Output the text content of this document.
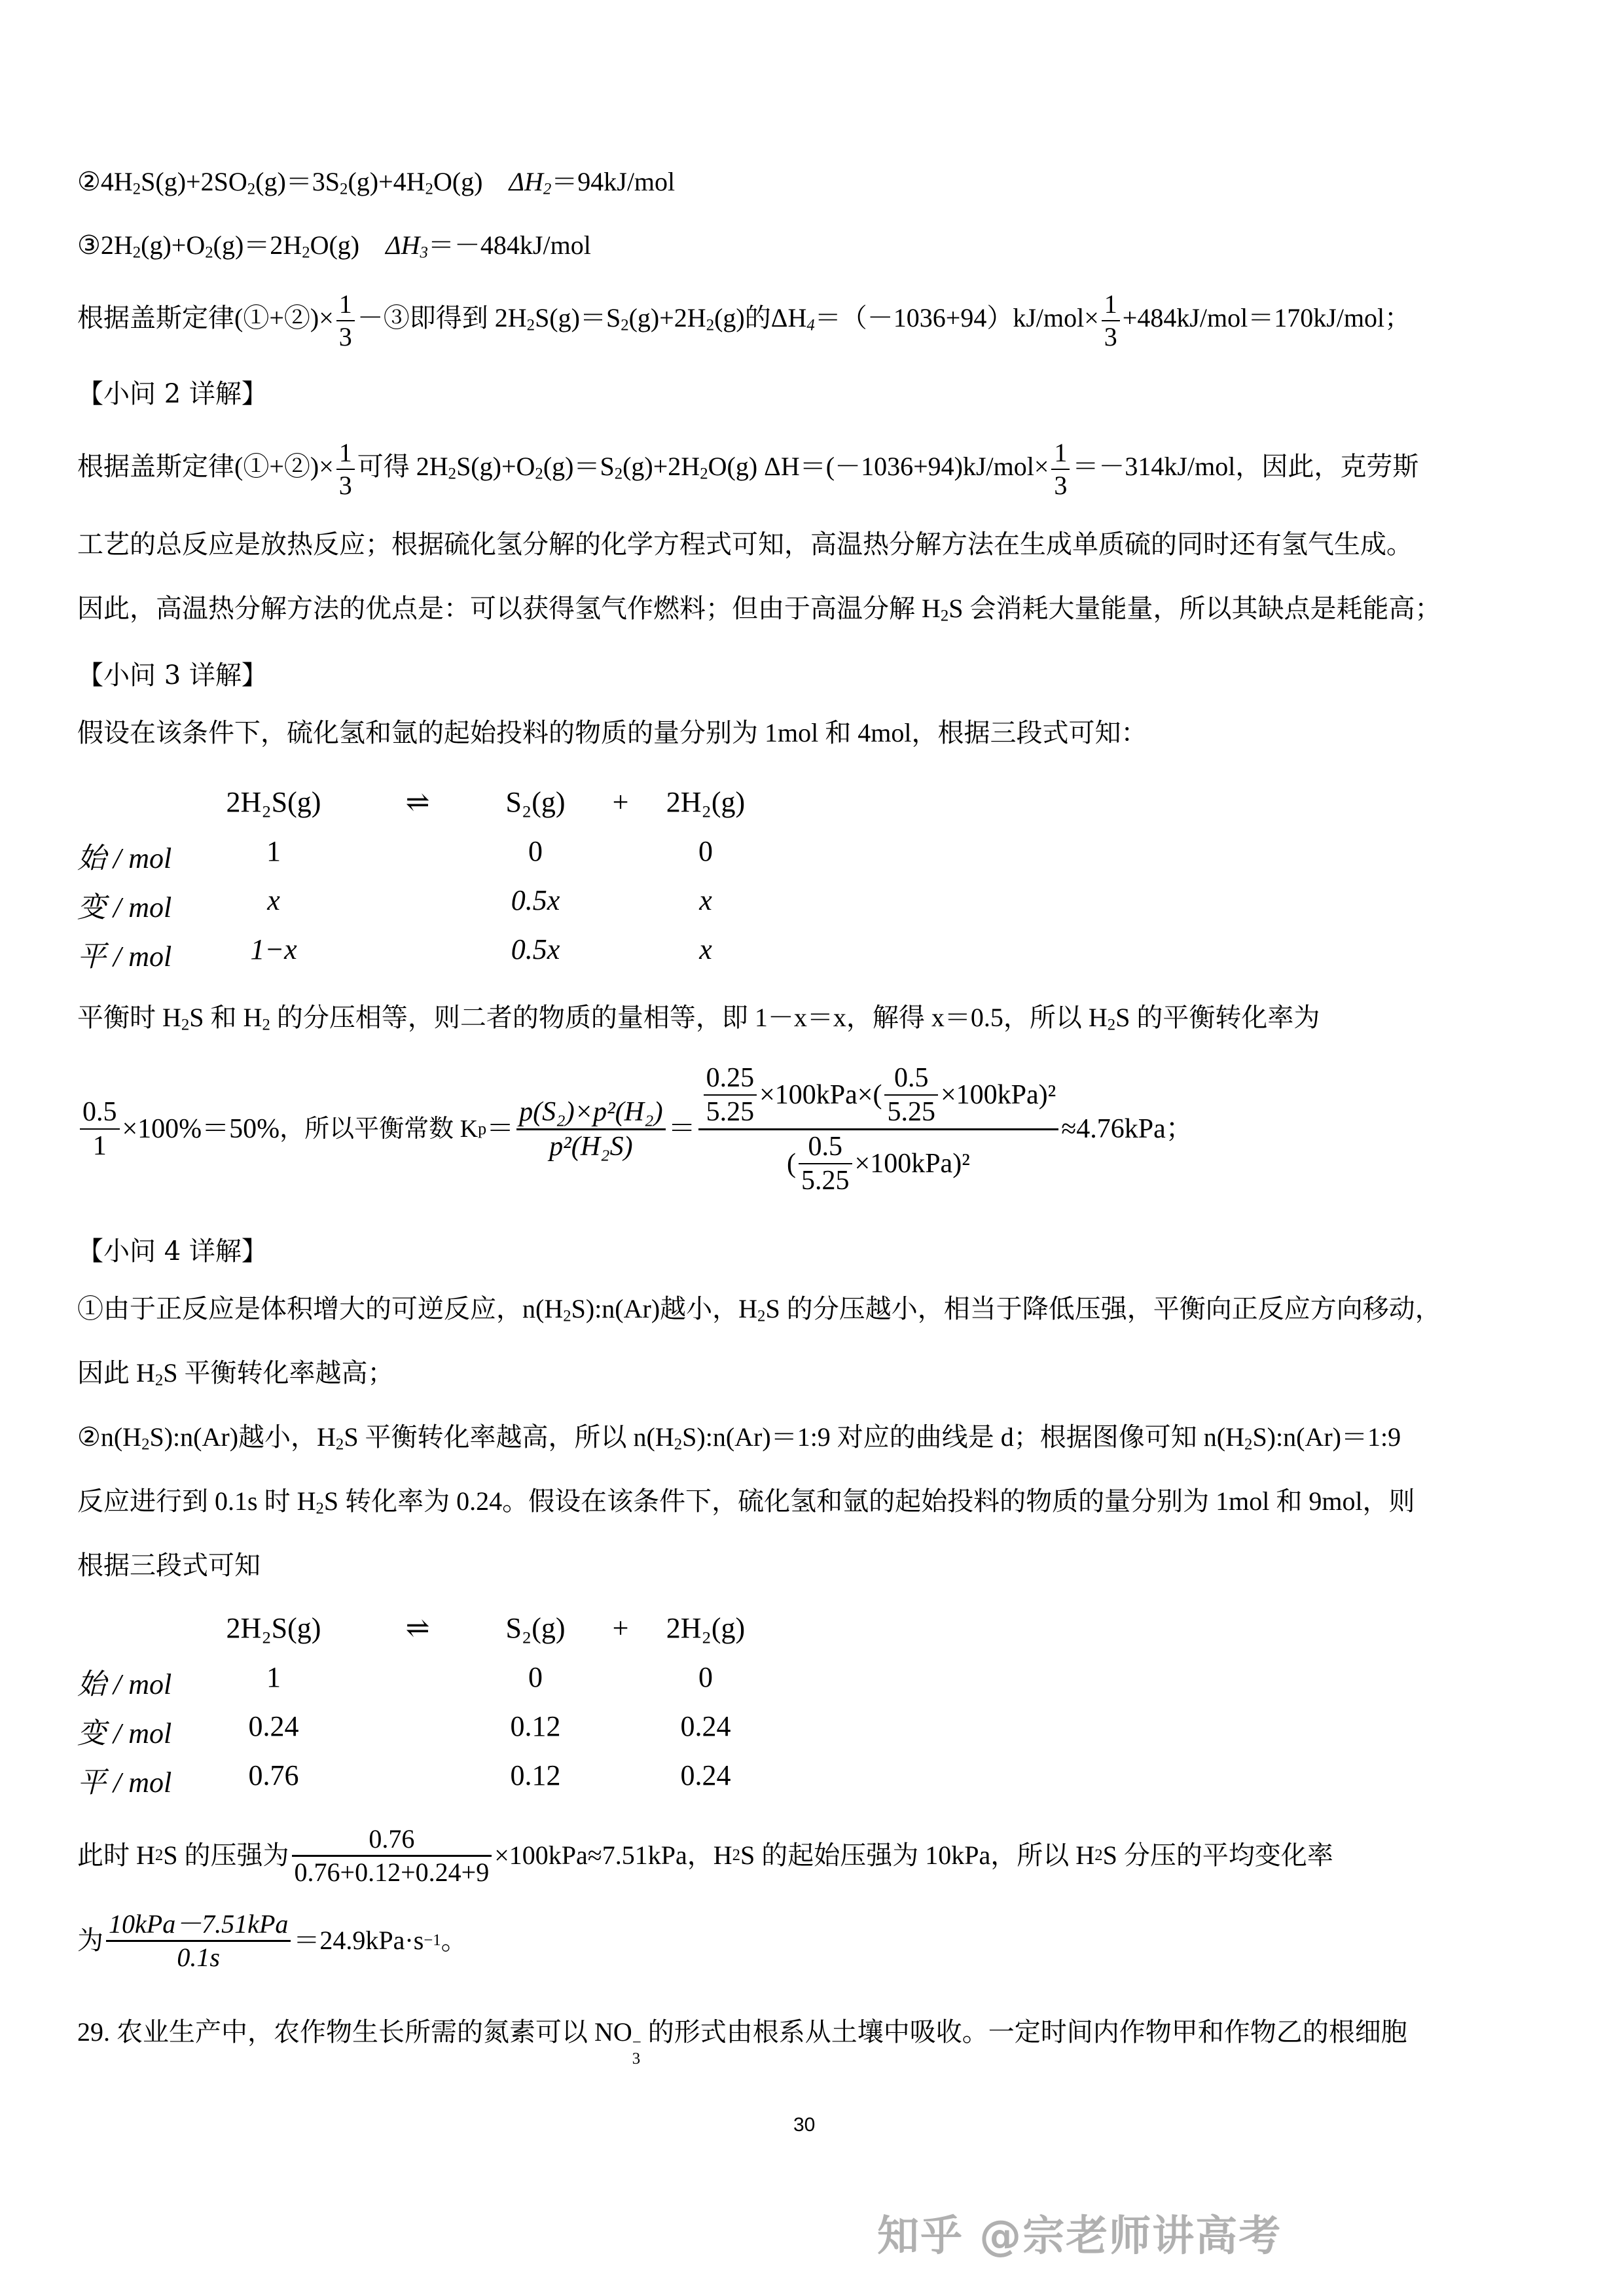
$②4H_2S(g)+2SO_2(g)=3S_2(g)+4H_2O(g)$ $\Delta H_2=94kJ$/mol
$③2H_2(g)+O_2(g)=2H_2O(g)$ $\Delta H_3=-484kJ$/mol
根据盖斯定律(①+②)× $\frac{1}{3}$ －③即得到 $2H_2S(g)=S_2(g)+2H_2(g)$的$\Delta H_4=(-1036+94)kJ/mol\times \frac{1}{3} +484kJ/mol=170kJ/mol$；
【小问 2 详解】
根据盖斯定律(①+②)× $\frac{1}{3}$ 可得 $2H_2S(g)+O_2(g)=S_2(g)+2H_2O(g)$ $\Delta H=(-1036+94)kJ/mol\times \frac{1}{3} =-314kJ/mol$，因此，克劳斯
工艺的总反应是放热反应；根据硫化氢分解的化学方程式可知，高温热分解方法在生成单质硫的同时还有氢气生成。
因此，高温热分解方法的优点是：可以获得氢气作燃料；但由于高温分解 $H_2S$ 会消耗大量能量，所以其缺点是耗能高；
【小问 3 详解】
假设在该条件下，硫化氢和氩的起始投料的物质的量分别为 1mol 和 4mol，根据三段式可知：
2H₂S(g)	⇌	S₂(g)	+	2H₂(g)
始 / mol	1	0	0
变 / mol	x	0.5x	x
平 / mol	1−x	0.5x	x
平衡时 $H_2S$ 和 $H_2$ 的分压相等，则二者的物质的量相等，即 1－x＝x，解得 x＝0.5，所以 $H_2S$ 的平衡转化率为
$\frac{0.5}{1} \times 100\%=50\%$ ，所以平衡常数 K $p = \frac{\text{p(S₂)×p²(H₂)}}{\text{p²(H₂S)}} = \frac{\frac{0.25}{5.25} \times 100kPa\times( \frac{0.5}{5.25} \times 100kPa)^2}{( \frac{0.5}{5.25} \times 100kPa)^2} \approx 4.76kPa$；
【小问 4 详解】
①由于正反应是体积增大的可逆反应，$n(H_2S):n(Ar)$越小，$H_2S$ 的分压越小，相当于降低压强，平衡向正反应方向移动，
因此 $H_2S$ 平衡转化率越高；
$②n(H_2S):n(Ar)$越小，$H_2S$ 平衡转化率越高，所以 $n(H_2S):n(Ar)=1:9$ 对应的曲线是 d；根据图像可知 $n(H_2S):n(Ar)=1:9$
反应进行到 0.1s 时 $H_2S$ 转化率为 0.24。假设在该条件下，硫化氢和氩的起始投料的物质的量分别为 1mol 和 9mol，则
根据三段式可知
2H₂S(g)	⇌	S₂(g)	+	2H₂(g)
始 / mol	1	0	0
变 / mol	0.24	0.12	0.24
平 / mol	0.76	0.12	0.24
此时 H 2 S 的压强为 $\frac{0.76}{0.76+0.12+0.24+9} \times 100kPa\approx 7.51kPa$，H 2 S 的起始压强为 10kPa，所以 H 2 S 分压的平均变化率
为 $\frac{\text{10kPa－7.51kPa}}{0.1s} =24.9kPa\cdot s -1$ 。
29. 农业生产中，农作物生长所需的氮素可以 NO −
3
的形式由根系从土壤中吸收。一定时间内作物甲和作物乙的根细胞
30
知乎 @宗老师讲高考
